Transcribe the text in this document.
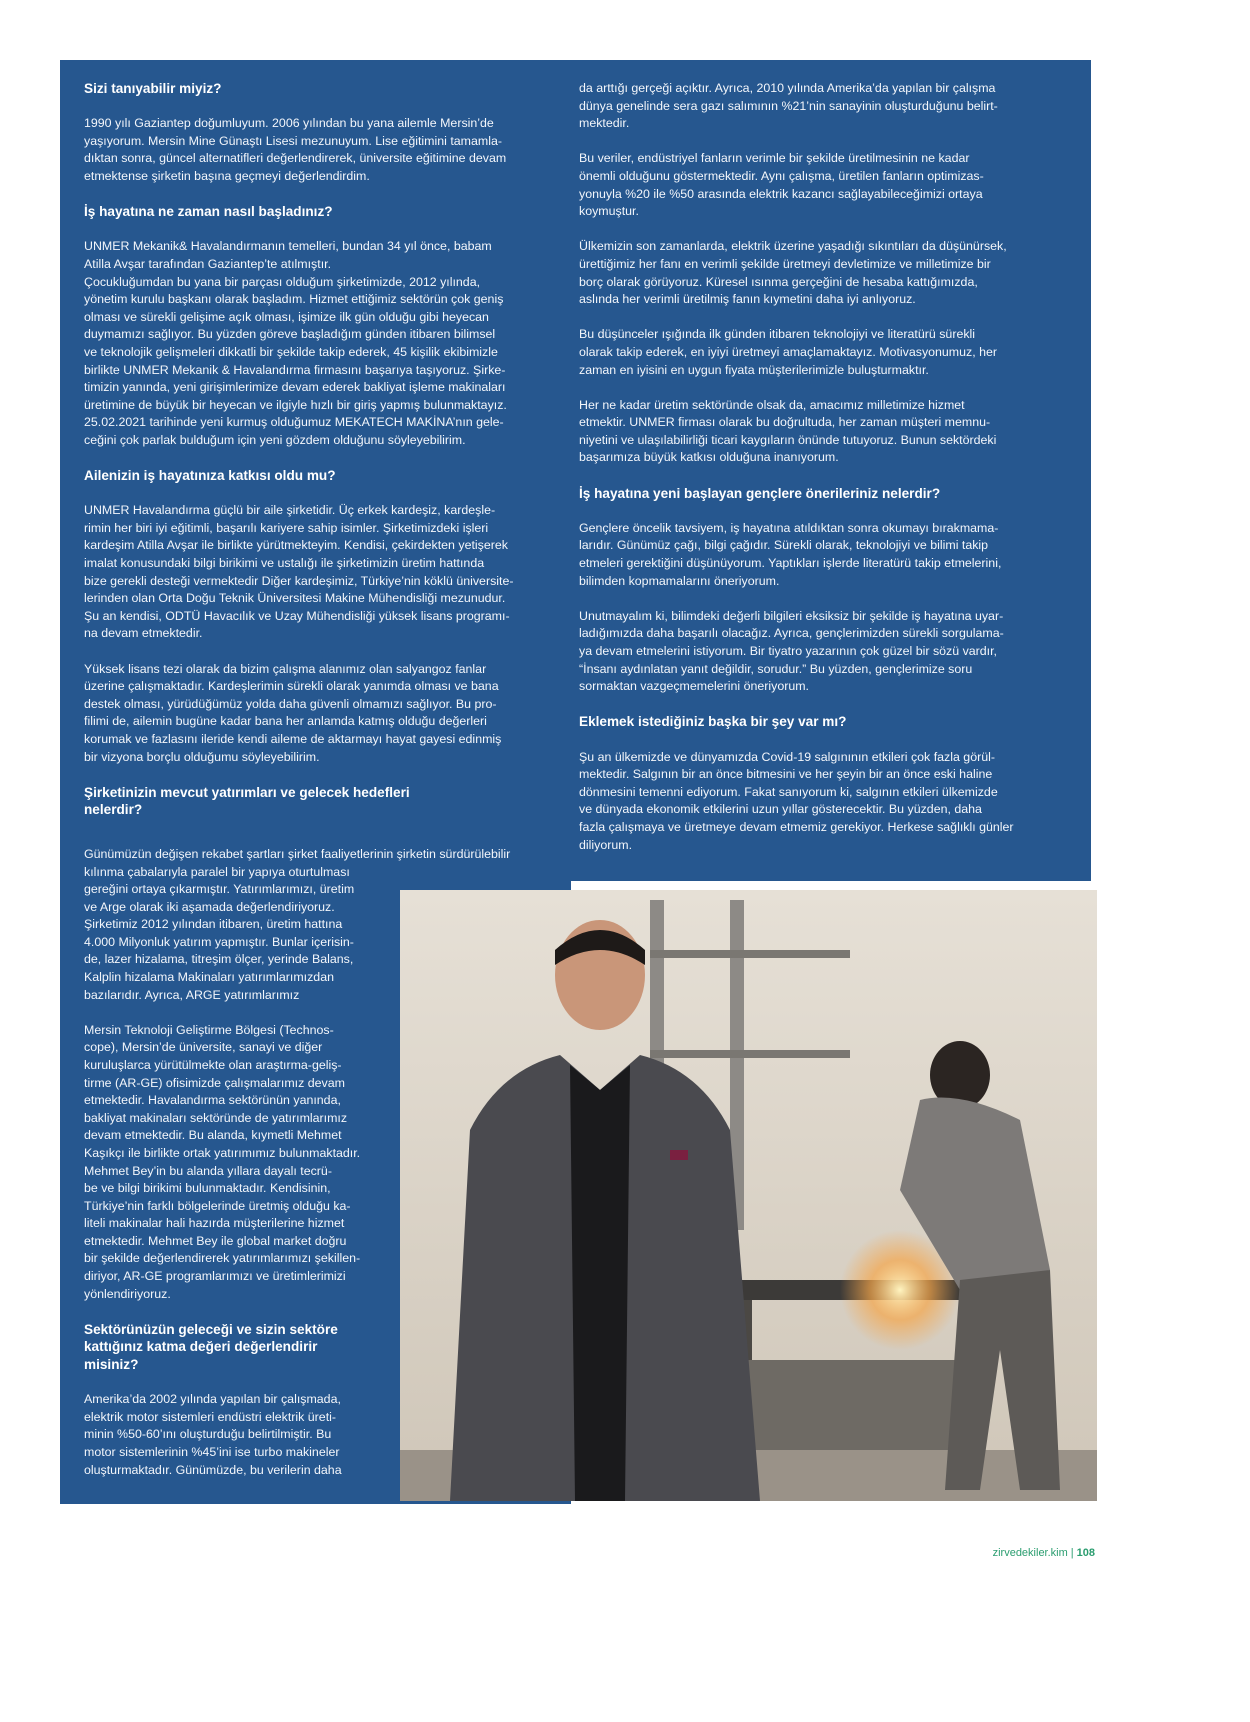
Sizi tanıyabilir miyiz?

1990 yılı Gaziantep doğumluyum. 2006 yılından bu yana ailemle Mersin’de
yaşıyorum. Mersin Mine Günaştı Lisesi mezunuyum. Lise eğitimini tamamla-
dıktan sonra, güncel alternatifleri değerlendirerek, üniversite eğitimine devam
etmektense şirketin başına geçmeyi değerlendirdim.

İş hayatına ne zaman nasıl başladınız?

UNMER Mekanik& Havalandırmanın temelleri, bundan 34 yıl önce, babam
Atilla Avşar tarafından Gaziantep’te atılmıştır.
Çocukluğumdan bu yana bir parçası olduğum şirketimizde, 2012 yılında,
yönetim kurulu başkanı olarak başladım. Hizmet ettiğimiz sektörün çok geniş
olması ve sürekli gelişime açık olması, işimize ilk gün olduğu gibi heyecan
duymamızı sağlıyor. Bu yüzden göreve başladığım günden itibaren bilimsel
ve teknolojik gelişmeleri dikkatli bir şekilde takip ederek, 45 kişilik ekibimizle
birlikte UNMER Mekanik & Havalandırma firmasını başarıya taşıyoruz. Şirke-
timizin yanında, yeni girişimlerimize devam ederek bakliyat işleme makinaları
üretimine de büyük bir heyecan ve ilgiyle hızlı bir giriş yapmış bulunmaktayız.
25.02.2021 tarihinde yeni kurmuş olduğumuz MEKATECH MAKİNA’nın gele-
ceğini çok parlak bulduğum için yeni gözdem olduğunu söyleyebilirim.

Ailenizin iş hayatınıza katkısı oldu mu?

UNMER Havalandırma güçlü bir aile şirketidir. Üç erkek kardeşiz, kardeşle-
rimin her biri iyi eğitimli, başarılı kariyere sahip isimler. Şirketimizdeki işleri
kardeşim Atilla Avşar ile birlikte yürütmekteyim. Kendisi, çekirdekten yetişerek
imalat konusundaki bilgi birikimi ve ustalığı ile şirketimizin üretim hattında
bize gerekli desteği vermektedir Diğer kardeşimiz, Türkiye’nin köklü üniversite-
lerinden olan Orta Doğu Teknik Üniversitesi Makine Mühendisliği mezunudur.
Şu an kendisi, ODTÜ Havacılık ve Uzay Mühendisliği yüksek lisans programı-
na devam etmektedir.

Yüksek lisans tezi olarak da bizim çalışma alanımız olan salyangoz fanlar
üzerine çalışmaktadır. Kardeşlerimin sürekli olarak yanımda olması ve bana
destek olması, yürüdüğümüz yolda daha güvenli olmamızı sağlıyor. Bu pro-
filimi de, ailemin bugüne kadar bana her anlamda katmış olduğu değerleri
korumak ve fazlasını ileride kendi aileme de aktarmayı hayat gayesi edinmiş
bir vizyona borçlu olduğumu söyleyebilirim.

Şirketinizin mevcut yatırımları ve gelecek hedefleri
nelerdir?

Günümüzün değişen rekabet şartları şirket faaliyetlerinin şirketin sürdürülebilir
kılınma çabalarıyla paralel bir yapıya oturtulması

gereğini ortaya çıkarmıştır. Yatırımlarımızı, üretim
ve Arge olarak iki aşamada değerlendiriyoruz.
Şirketimiz 2012 yılından itibaren, üretim hattına
4.000 Milyonluk yatırım yapmıştır. Bunlar içerisin-
de, lazer hizalama, titreşim ölçer, yerinde Balans,
Kalplin hizalama Makinaları yatırımlarımızdan
bazılarıdır. Ayrıca, ARGE yatırımlarımız

Mersin Teknoloji Geliştirme Bölgesi (Technos-
cope), Mersin’de üniversite, sanayi ve diğer
kuruluşlarca yürütülmekte olan araştırma-geliş-
tirme (AR-GE) ofisimizde çalışmalarımız devam
etmektedir. Havalandırma sektörünün yanında,
bakliyat makinaları sektöründe de yatırımlarımız
devam etmektedir. Bu alanda, kıymetli Mehmet
Kaşıkçı ile birlikte ortak yatırımımız bulunmaktadır.
Mehmet Bey’in bu alanda yıllara dayalı tecrü-
be ve bilgi birikimi bulunmaktadır. Kendisinin,
Türkiye’nin farklı bölgelerinde üretmiş olduğu ka-
liteli makinalar hali hazırda müşterilerine hizmet
etmektedir. Mehmet Bey ile global market doğru
bir şekilde değerlendirerek yatırımlarımızı şekillen-
diriyor, AR-GE programlarımızı ve üretimlerimizi
yönlendiriyoruz.

Sektörünüzün geleceği ve sizin sektöre
kattığınız katma değeri değerlendirir
misiniz?

Amerika’da 2002 yılında yapılan bir çalışmada,
elektrik motor sistemleri endüstri elektrik üreti-
minin %50-60’ını oluşturduğu belirtilmiştir. Bu
motor sistemlerinin %45’ini ise turbo makineler
oluşturmaktadır. Günümüzde, bu verilerin daha

da arttığı gerçeği açıktır. Ayrıca, 2010 yılında Amerika’da yapılan bir çalışma
dünya genelinde sera gazı salımının %21’nin sanayinin oluşturduğunu belirt-
mektedir.

Bu veriler, endüstriyel fanların verimle bir şekilde üretilmesinin ne kadar
önemli olduğunu göstermektedir. Aynı çalışma, üretilen fanların optimizas-
yonuyla %20 ile %50 arasında elektrik kazancı sağlayabileceğimizi ortaya
koymuştur.

Ülkemizin son zamanlarda, elektrik üzerine yaşadığı sıkıntıları da düşünürsek,
ürettiğimiz her fanı en verimli şekilde üretmeyi devletimize ve milletimize bir
borç olarak görüyoruz. Küresel ısınma gerçeğini de hesaba kattığımızda,
aslında her verimli üretilmiş fanın kıymetini daha iyi anlıyoruz.

Bu düşünceler ışığında ilk günden itibaren teknolojiyi ve literatürü sürekli
olarak takip ederek, en iyiyi üretmeyi amaçlamaktayız. Motivasyonumuz, her
zaman en iyisini en uygun fiyata müşterilerimizle buluşturmaktır.

Her ne kadar üretim sektöründe olsak da, amacımız milletimize hizmet
etmektir. UNMER firması olarak bu doğrultuda, her zaman müşteri memnu-
niyetini ve ulaşılabilirliği ticari kaygıların önünde tutuyoruz. Bunun sektördeki
başarımıza büyük katkısı olduğuna inanıyorum.

İş hayatına yeni başlayan gençlere önerileriniz nelerdir?

Gençlere öncelik tavsiyem, iş hayatına atıldıktan sonra okumayı bırakmama-
larıdır. Günümüz çağı, bilgi çağıdır. Sürekli olarak, teknolojiyi ve bilimi takip
etmeleri gerektiğini düşünüyorum. Yaptıkları işlerde literatürü takip etmelerini,
bilimden kopmamalarını öneriyorum.

Unutmayalım ki, bilimdeki değerli bilgileri eksiksiz bir şekilde iş hayatına uyar-
ladığımızda daha başarılı olacağız. Ayrıca, gençlerimizden sürekli sorgulama-
ya devam etmelerini istiyorum. Bir tiyatro yazarının çok güzel bir sözü vardır,
“İnsanı aydınlatan yanıt değildir, sorudur.” Bu yüzden, gençlerimize soru
sormaktan vazgeçmemelerini öneriyorum.

Eklemek istediğiniz başka bir şey var mı?

Şu an ülkemizde ve dünyamızda Covid-19 salgınının etkileri çok fazla görül-
mektedir. Salgının bir an önce bitmesini ve her şeyin bir an önce eski haline
dönmesini temenni ediyorum. Fakat sanıyorum ki, salgının etkileri ülkemizde
ve dünyada ekonomik etkilerini uzun yıllar gösterecektir. Bu yüzden, daha
fazla çalışmaya ve üretmeye devam etmemiz gerekiyor. Herkese sağlıklı günler
diliyorum.

zirvedekiler.kim | 108
